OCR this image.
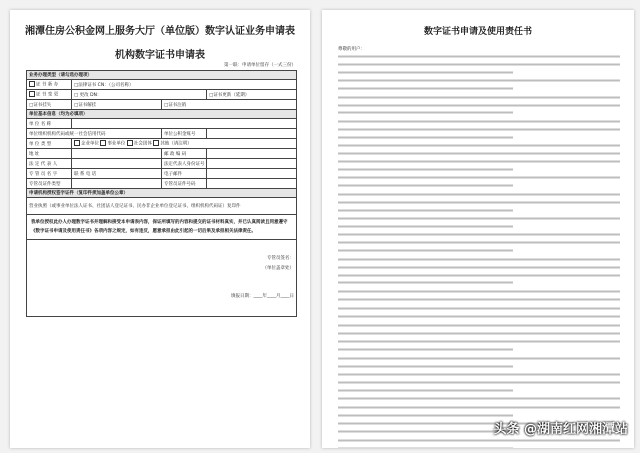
湘潭住房公积金网上服务大厅（单位版）数字认证业务申请表
机构数字证书申请表
第一联：申请单位留存（一式三份）
业务办理类型（请勾选办理项）			
证 书 新 办	□法律证书 CN：（公司名称）		
证 书 变 更	□ 更改 DN：		□证书更新（延期）
□证书挂失	□证书解挂	□证书注销	
单位基本信息（均为必填项）			
单 位 名 称			
单位组织机构代码或统一社会信用代码		单位公积金账号	
单 位 类 型	企业单位 事业单位 社会团体 其他（请注明）		
地 址		邮 政 编 码	
法 定 代 表 人		法定代表人身份证号	
专 管 员 名 字	联 系 电 话	电子邮件	
专管员证件类型		专管员证件号码	
申请机构授权签字证件（复印件须加盖单位公章）			
营业执照（或事业单位法人证书、社团法人登记证书、民办非企业单位登记证书、组织机构代码证）复印件			
我单位授权此办人办理数字证书并理解和接受本申请表内容，保证所填写的内容和提交的证书材料真实，并已认真阅读且同意遵守《数字证书申请及使用责任书》各项内容之规定，如有违反，愿意承担由此引起的一切后果及承担相关法律责任。			

专管员签名：
（单位盖章处）
填报日期：____年____月____日			
数字证书申请及使用责任书
尊敬的用户：
头条 @湖南红网湘潭站
